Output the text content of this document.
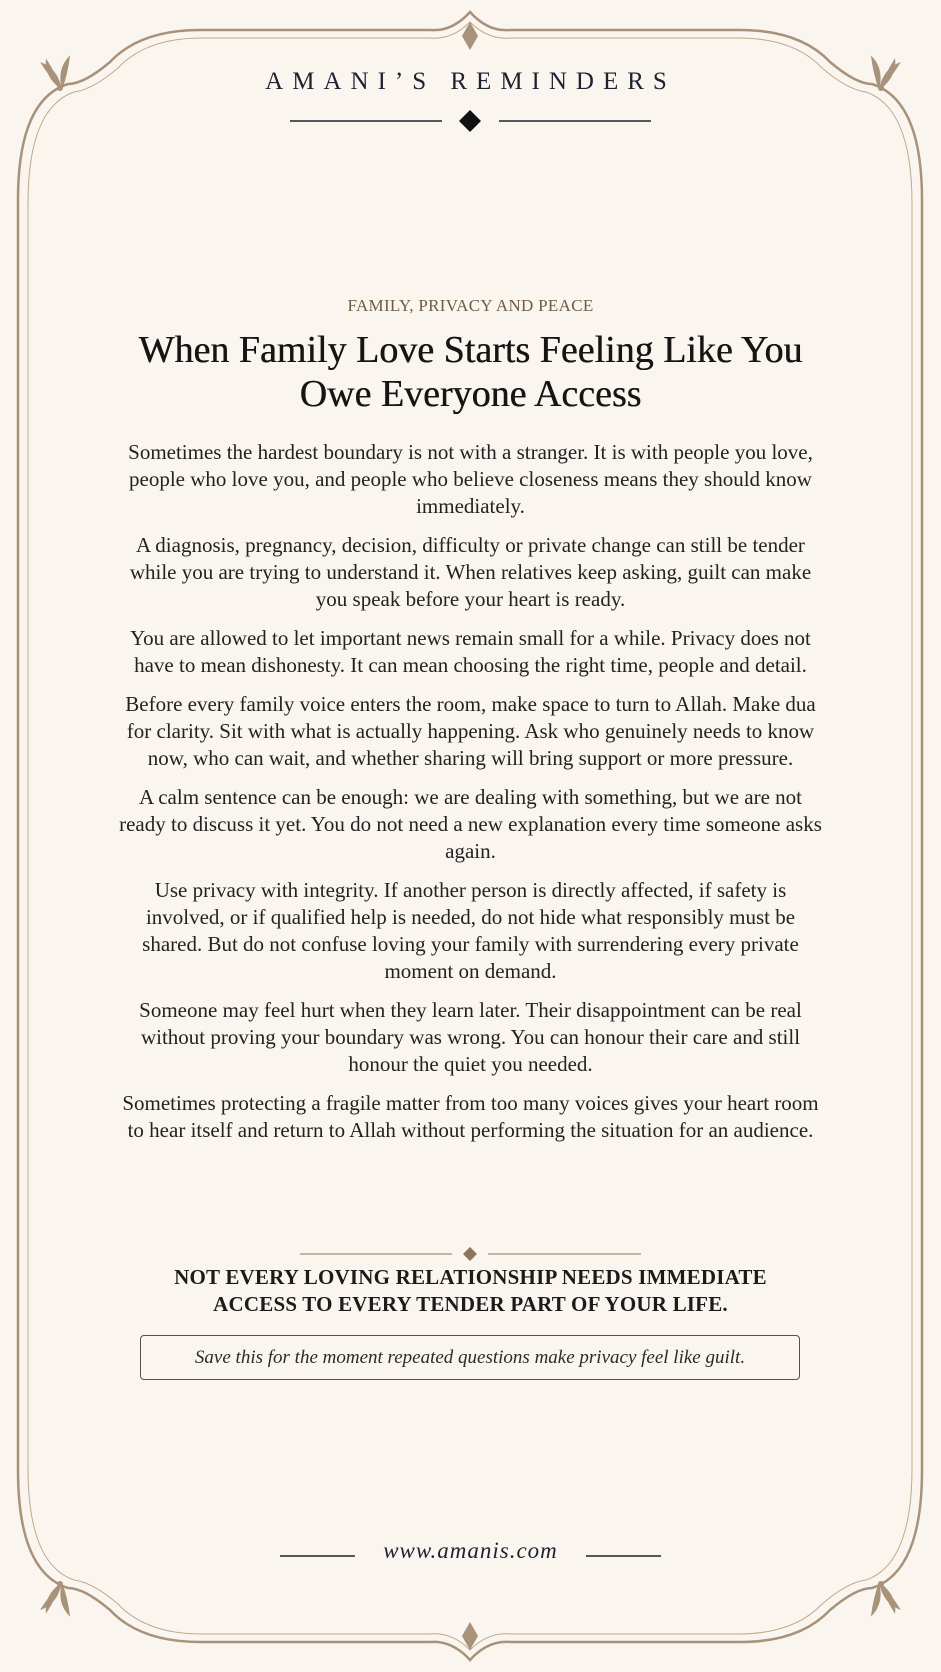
AMANI’S REMINDERS
FAMILY, PRIVACY AND PEACE
When Family Love Starts Feeling Like You Owe Everyone Access

Sometimes the hardest boundary is not with a stranger. It is with people you love, people who love you, and people who believe closeness means they should know immediately.

A diagnosis, pregnancy, decision, difficulty or private change can still be tender while you are trying to understand it. When relatives keep asking, guilt can make you speak before your heart is ready.

You are allowed to let important news remain small for a while. Privacy does not have to mean dishonesty. It can mean choosing the right time, people and detail.

Before every family voice enters the room, make space to turn to Allah. Make dua for clarity. Sit with what is actually happening. Ask who genuinely needs to know now, who can wait, and whether sharing will bring support or more pressure.

A calm sentence can be enough: we are dealing with something, but we are not ready to discuss it yet. You do not need a new explanation every time someone asks again.

Use privacy with integrity. If another person is directly affected, if safety is involved, or if qualified help is needed, do not hide what responsibly must be shared. But do not confuse loving your family with surrendering every private moment on demand.

Someone may feel hurt when they learn later. Their disappointment can be real without proving your boundary was wrong. You can honour their care and still honour the quiet you needed.

Sometimes protecting a fragile matter from too many voices gives your heart room to hear itself and return to Allah without performing the situation for an audience.

NOT EVERY LOVING RELATIONSHIP NEEDS IMMEDIATE ACCESS TO EVERY TENDER PART OF YOUR LIFE.
Save this for the moment repeated questions make privacy feel like guilt.
www.amanis.com
